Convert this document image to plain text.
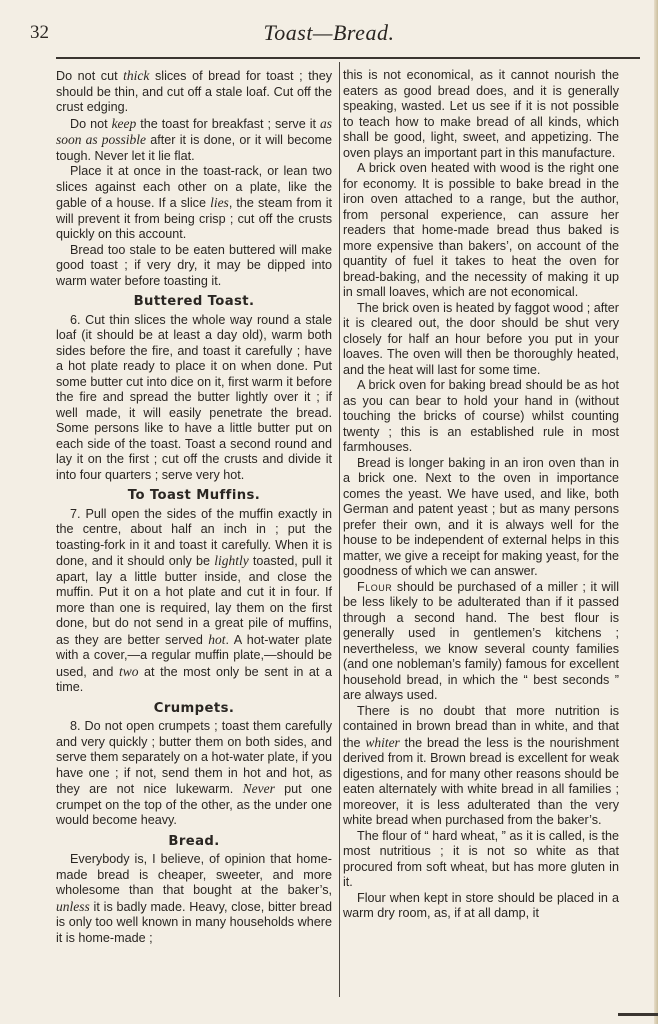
32	Toast—Bread.

Do not cut thick slices of bread for toast ; they should be thin, and cut off a stale loaf. Cut off the crust edging.

Do not keep the toast for breakfast ; serve it as soon as possible after it is done, or it will become tough. Never let it lie flat.

Place it at once in the toast-rack, or lean two slices against each other on a plate, like the gable of a house. If a slice lies, the steam from it will prevent it from being crisp ; cut off the crusts quickly on this account.

Bread too stale to be eaten buttered will make good toast ; if very dry, it may be dipped into warm water before toasting it.

Buttered Toast.

6. Cut thin slices the whole way round a stale loaf (it should be at least a day old), warm both sides before the fire, and toast it carefully ; have a hot plate ready to place it on when done. Put some butter cut into dice on it, first warm it before the fire and spread the butter lightly over it ; if well made, it will easily penetrate the bread. Some persons like to have a little butter put on each side of the toast. Toast a second round and lay it on the first ; cut off the crusts and divide it into four quarters ; serve very hot.

To Toast Muffins.

7. Pull open the sides of the muffin exactly in the centre, about half an inch in ; put the toasting-fork in it and toast it carefully. When it is done, and it should only be lightly toasted, pull it apart, lay a little butter inside, and close the muffin. Put it on a hot plate and cut it in four. If more than one is required, lay them on the first done, but do not send in a great pile of muffins, as they are better served hot. A hot-water plate with a cover,—a regular muffin plate,—should be used, and two at the most only be sent in at a time.

Crumpets.

8. Do not open crumpets ; toast them carefully and very quickly ; butter them on both sides, and serve them separately on a hot-water plate, if you have one ; if not, send them in hot and hot, as they are not nice lukewarm. Never put one crumpet on the top of the other, as the under one would become heavy.

Bread.

Everybody is, I believe, of opinion that home-made bread is cheaper, sweeter, and more wholesome than that bought at the baker’s, unless it is badly made. Heavy, close, bitter bread is only too well known in many households where it is home-made ;

this is not economical, as it cannot nourish the eaters as good bread does, and it is generally speaking, wasted. Let us see if it is not possible to teach how to make bread of all kinds, which shall be good, light, sweet, and appetizing. The oven plays an important part in this manufacture.

A brick oven heated with wood is the right one for economy. It is possible to bake bread in the iron oven attached to a range, but the author, from personal experience, can assure her readers that home-made bread thus baked is more expensive than bakers’, on account of the quantity of fuel it takes to heat the oven for bread-baking, and the necessity of making it up in small loaves, which are not economical.

The brick oven is heated by faggot wood ; after it is cleared out, the door should be shut very closely for half an hour before you put in your loaves. The oven will then be thoroughly heated, and the heat will last for some time.

A brick oven for baking bread should be as hot as you can bear to hold your hand in (without touching the bricks of course) whilst counting twenty ; this is an established rule in most farmhouses.

Bread is longer baking in an iron oven than in a brick one. Next to the oven in importance comes the yeast. We have used, and like, both German and patent yeast ; but as many persons prefer their own, and it is always well for the house to be independent of external helps in this matter, we give a receipt for making yeast, for the goodness of which we can answer.

Flour should be purchased of a miller ; it will be less likely to be adulterated than if it passed through a second hand. The best flour is generally used in gentlemen’s kitchens ; nevertheless, we know several county families (and one nobleman’s family) famous for excellent household bread, in which the “ best seconds ” are always used.

There is no doubt that more nutrition is contained in brown bread than in white, and that the whiter the bread the less is the nourishment derived from it. Brown bread is excellent for weak digestions, and for many other reasons should be eaten alternately with white bread in all families ; moreover, it is less adulterated than the very white bread when purchased from the baker’s.

The flour of “ hard wheat, ” as it is called, is the most nutritious ; it is not so white as that procured from soft wheat, but has more gluten in it.

Flour when kept in store should be placed in a warm dry room, as, if at all damp, it
